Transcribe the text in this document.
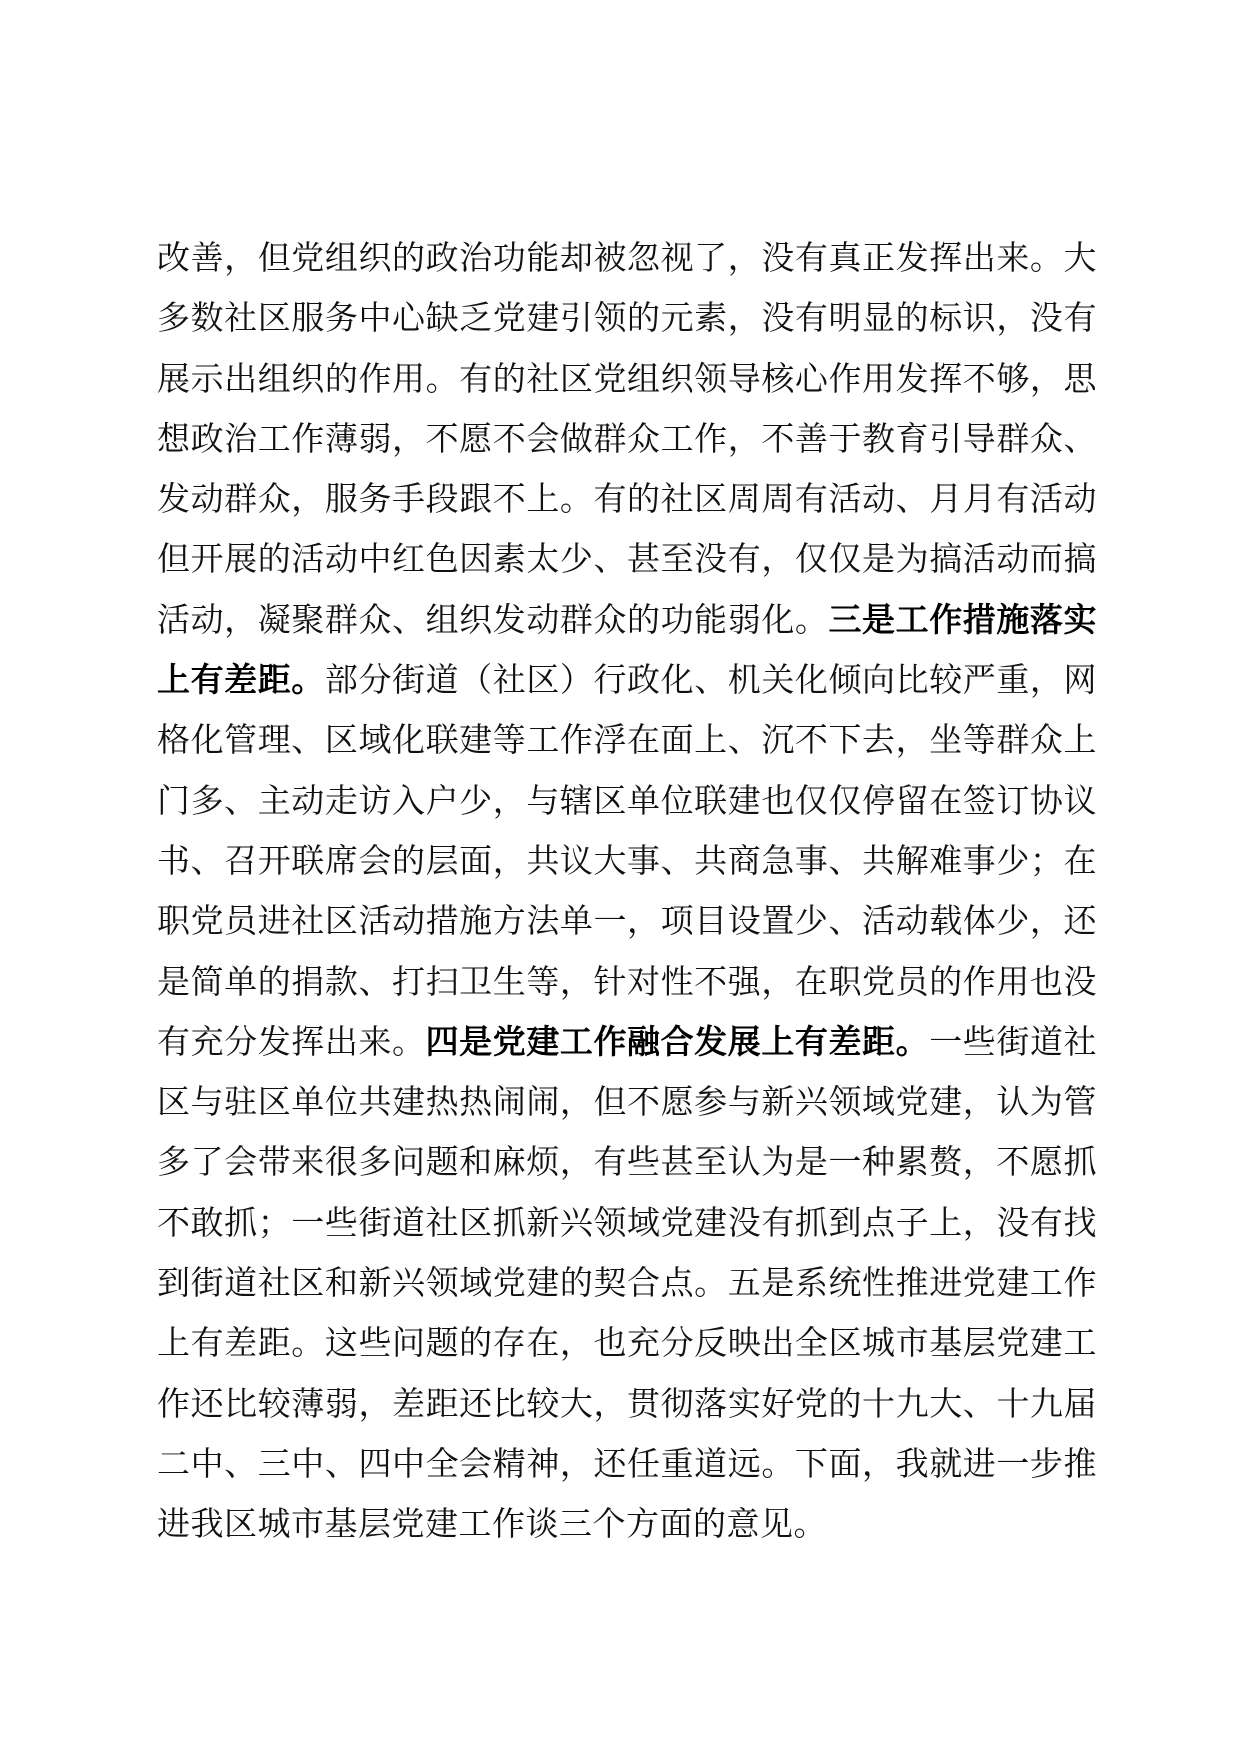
改善，但党组织的政治功能却被忽视了，没有真正发挥出来。大
多数社区服务中心缺乏党建引领的元素，没有明显的标识，没有
展示出组织的作用。有的社区党组织领导核心作用发挥不够，思
想政治工作薄弱，不愿不会做群众工作，不善于教育引导群众、
发动群众，服务手段跟不上。有的社区周周有活动、月月有活动
但开展的活动中红色因素太少、甚至没有，仅仅是为搞活动而搞
活动，凝聚群众、组织发动群众的功能弱化。三是工作措施落实
上有差距。部分街道（社区）行政化、机关化倾向比较严重，网
格化管理、区域化联建等工作浮在面上、沉不下去，坐等群众上
门多、主动走访入户少，与辖区单位联建也仅仅停留在签订协议
书、召开联席会的层面，共议大事、共商急事、共解难事少；在
职党员进社区活动措施方法单一，项目设置少、活动载体少，还
是简单的捐款、打扫卫生等，针对性不强，在职党员的作用也没
有充分发挥出来。四是党建工作融合发展上有差距。一些街道社
区与驻区单位共建热热闹闹，但不愿参与新兴领域党建，认为管
多了会带来很多问题和麻烦，有些甚至认为是一种累赘，不愿抓
不敢抓；一些街道社区抓新兴领域党建没有抓到点子上，没有找
到街道社区和新兴领域党建的契合点。五是系统性推进党建工作
上有差距。这些问题的存在，也充分反映出全区城市基层党建工
作还比较薄弱，差距还比较大，贯彻落实好党的十九大、十九届
二中、三中、四中全会精神，还任重道远。下面，我就进一步推
进我区城市基层党建工作谈三个方面的意见。
